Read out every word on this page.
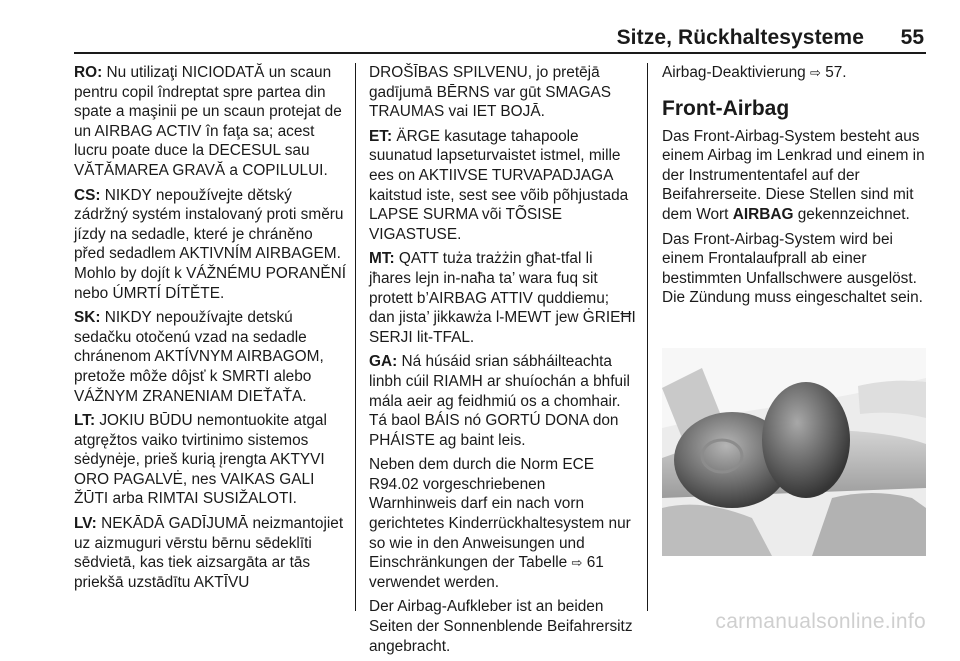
Sitze, Rückhaltesysteme 55

RO: Nu utilizaţi NICIODATĂ un scaun pentru copil îndreptat spre partea din spate a maşinii pe un scaun protejat de un AIRBAG ACTIV în faţa sa; acest lucru poate duce la DECESUL sau VĂTĂMAREA GRAVĂ a COPILULUI.

CS: NIKDY nepoužívejte dětský zádržný systém instalovaný proti směru jízdy na sedadle, které je chráněno před sedadlem AKTIVNÍM AIRBAGEM. Mohlo by dojít k VÁŽNÉMU PORANĚNÍ nebo ÚMRTÍ DÍTĚTE.

SK: NIKDY nepoužívajte detskú sedačku otočenú vzad na sedadle chránenom AKTÍVNYM AIRBAGOM, pretože môže dôjsť k SMRTI alebo VÁŽNYM ZRANENIAM DIEŤAŤA.

LT: JOKIU BŪDU nemontuokite atgal atgręžtos vaiko tvirtinimo sistemos sėdynėje, prieš kurią įrengta AKTYVI ORO PAGALVĖ, nes VAIKAS GALI ŽŪTI arba RIMTAI SUSIŽALOTI.

LV: NEKĀDĀ GADĪJUMĀ neizmantojiet uz aizmuguri vērstu bērnu sēdeklīti sēdvietā, kas tiek aizsargāta ar tās priekšā uzstādītu AKTĪVU

DROŠĪBAS SPILVENU, jo pretējā gadījumā BĒRNS var gūt SMAGAS TRAUMAS vai IET BOJĀ.

ET: ÄRGE kasutage tahapoole suunatud lapseturvaistet istmel, mille ees on AKTIIVSE TURVAPADJAGA kaitstud iste, sest see võib põhjustada LAPSE SURMA või TÕSISE VIGASTUSE.

MT: QATT tuża trażżin għat-tfal li jħares lejn in-naħa ta’ wara fuq sit protett b’AIRBAG ATTIV quddiemu; dan jista’ jikkawża l-MEWT jew ĠRIEĦI SERJI lit-TFAL.

GA: Ná húsáid srian sábháilteachta linbh cúil RIAMH ar shuíochán a bhfuil mála aeir ag feidhmiú os a chomhair. Tá baol BÁIS nó GORTÚ DONA don PHÁISTE ag baint leis.

Neben dem durch die Norm ECE R94.02 vorgeschriebenen Warnhinweis darf ein nach vorn gerichtetes Kinderrückhaltesystem nur so wie in den Anweisungen und Einschränkungen der Tabelle ⇨ 61 verwendet werden.

Der Airbag-Aufkleber ist an beiden Seiten der Sonnenblende Beifahrersitz angebracht.

Airbag-Deaktivierung ⇨ 57.

Front-Airbag

Das Front-Airbag-System besteht aus einem Airbag im Lenkrad und einem in der Instrumententafel auf der Beifahrerseite. Diese Stellen sind mit dem Wort AIRBAG gekennzeichnet.

Das Front-Airbag-System wird bei einem Frontalaufprall ab einer bestimmten Unfallschwere ausgelöst. Die Zündung muss eingeschaltet sein.

carmanualsonline.info
